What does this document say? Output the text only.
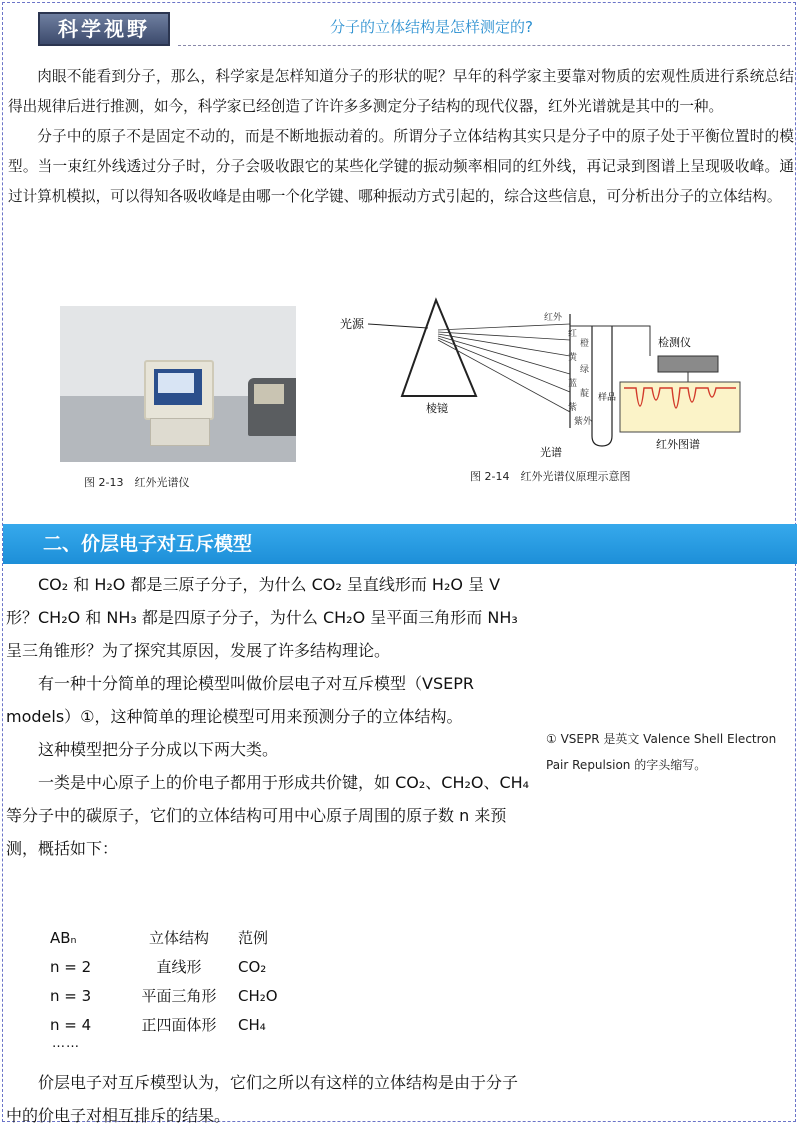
科学视野	分子的立体结构是怎样测定的?

肉眼不能看到分子，那么，科学家是怎样知道分子的形状的呢？早年的科学家主要靠对物质的宏观性质进行系统总结得出规律后进行推测，如今，科学家已经创造了许许多多测定分子结构的现代仪器，红外光谱就是其中的一种。

分子中的原子不是固定不动的，而是不断地振动着的。所谓分子立体结构其实只是分子中的原子处于平衡位置时的模型。当一束红外线透过分子时，分子会吸收跟它的某些化学键的振动频率相同的红外线，再记录到图谱上呈现吸收峰。通过计算机模拟，可以得知各吸收峰是由哪一个化学键、哪种振动方式引起的，综合这些信息，可分析出分子的立体结构。

图 2-13　红外光谱仪
光源
棱镜
红外
红
橙
黄
绿
蓝
靛
紫
紫外
光谱
样品
检测仪
红外图谱
图 2-14　红外光谱仪原理示意图
二、价层电子对互斥模型

CO₂ 和 H₂O 都是三原子分子，为什么 CO₂ 呈直线形而 H₂O 呈 V 形？CH₂O 和 NH₃ 都是四原子分子，为什么 CH₂O 呈平面三角形而 NH₃ 呈三角锥形？为了探究其原因，发展了许多结构理论。

有一种十分简单的理论模型叫做价层电子对互斥模型（VSEPR models）①，这种简单的理论模型可用来预测分子的立体结构。

这种模型把分子分成以下两大类。

一类是中心原子上的价电子都用于形成共价键，如 CO₂、CH₂O、CH₄ 等分子中的碳原子，它们的立体结构可用中心原子周围的原子数 n 来预测，概括如下：

① VSEPR 是英文 Valence Shell Electron Pair Repulsion 的字头缩写。
ABₙ	立体结构 范例
n = 2	直线形 CO₂
n = 3	平面三角形 CH₂O
n = 4	正四面体形 CH₄
……

价层电子对互斥模型认为，它们之所以有这样的立体结构是由于分子中的价电子对相互排斥的结果。
